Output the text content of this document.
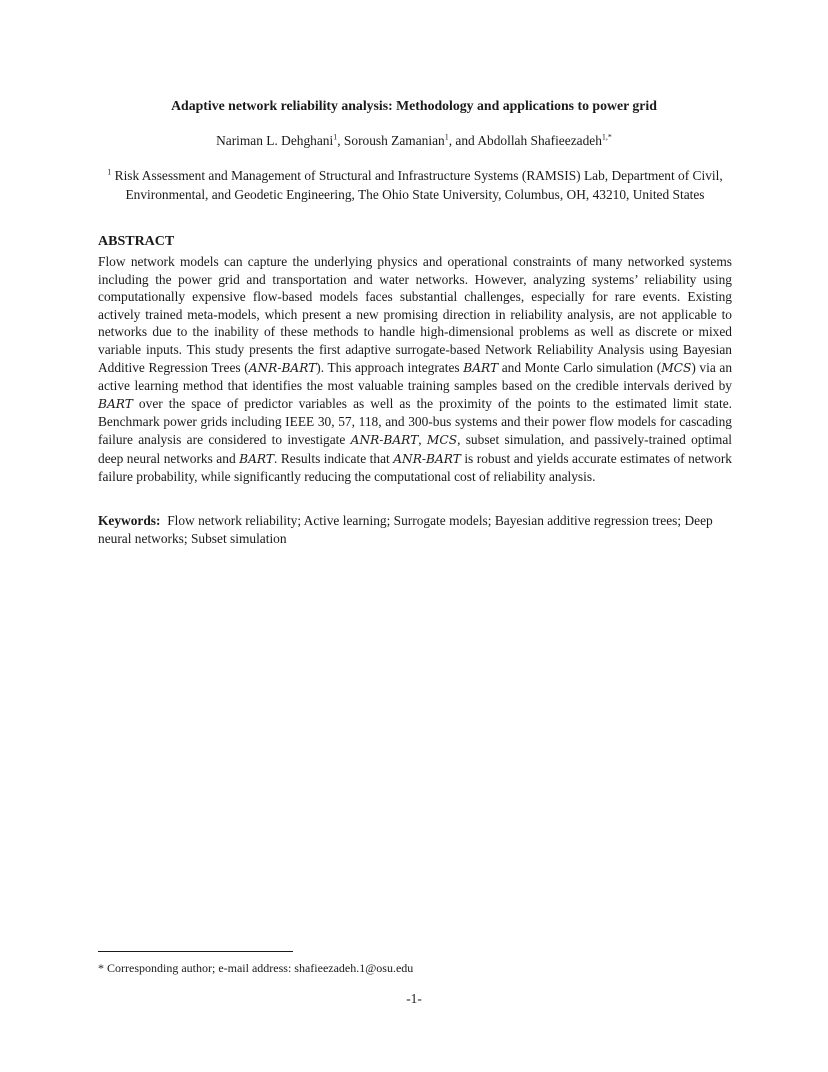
Adaptive network reliability analysis: Methodology and applications to power grid
Nariman L. Dehghani$^1$, Soroush Zamanian$^1$, and Abdollah Shafieezadeh$^{1,*}$
$^1$ Risk Assessment and Management of Structural and Infrastructure Systems (RAMSIS) Lab, Department of Civil, Environmental, and Geodetic Engineering, The Ohio State University, Columbus, OH, 43210, United States
ABSTRACT

Flow network models can capture the underlying physics and operational constraints of many networked systems including the power grid and transportation and water networks. However, analyzing systems’ reliability using computationally expensive flow-based models faces substantial challenges, especially for rare events. Existing actively trained meta-models, which present a new promising direction in reliability analysis, are not applicable to networks due to the inability of these methods to handle high-dimensional problems as well as discrete or mixed variable inputs. This study presents the first adaptive surrogate-based Network Reliability Analysis using Bayesian Additive Regression Trees (ANR-BART). This approach integrates BART and Monte Carlo simulation (MCS) via an active learning method that identifies the most valuable training samples based on the credible intervals derived by BART over the space of predictor variables as well as the proximity of the points to the estimated limit state. Benchmark power grids including IEEE 30, 57, 118, and 300-bus systems and their power flow models for cascading failure analysis are considered to investigate ANR-BART, MCS, subset simulation, and passively-trained optimal deep neural networks and BART. Results indicate that ANR-BART is robust and yields accurate estimates of network failure probability, while significantly reducing the computational cost of reliability analysis.

Keywords: Flow network reliability; Active learning; Surrogate models; Bayesian additive regression trees; Deep neural networks; Subset simulation

* Corresponding author; e-mail address: shafieezadeh.1@osu.edu
-1-
